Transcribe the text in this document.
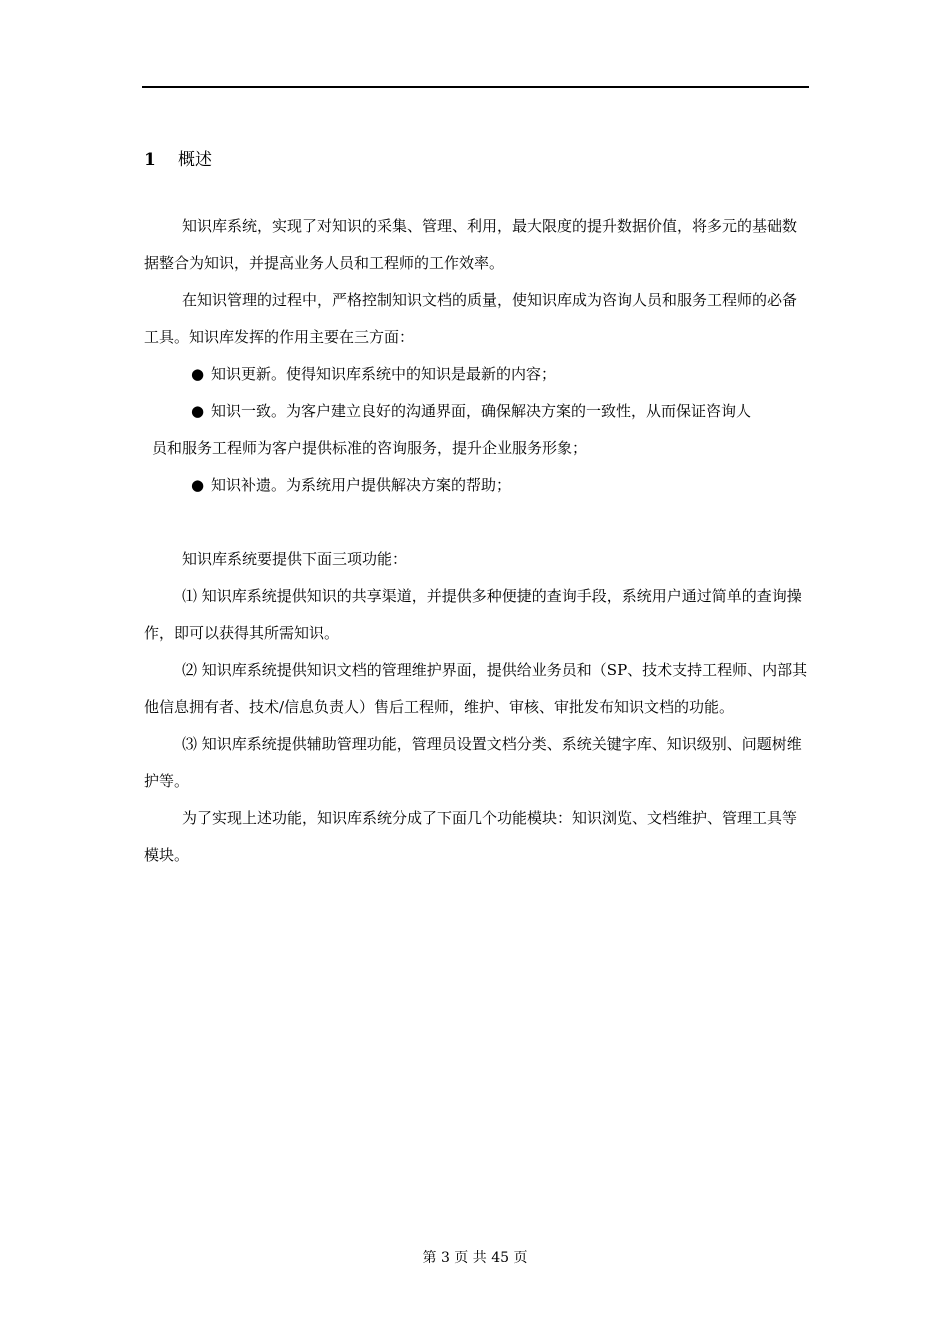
1 概述

知识库系统，实现了对知识的采集、管理、利用，最大限度的提升数据价值，将多元的基础数据整合为知识，并提高业务人员和工程师的工作效率。

在知识管理的过程中，严格控制知识文档的质量，使知识库成为咨询人员和服务工程师的必备工具。知识库发挥的作用主要在三方面：

● 知识更新。使得知识库系统中的知识是最新的内容；

● 知识一致。为客户建立良好的沟通界面，确保解决方案的一致性，从而保证咨询人
员和服务工程师为客户提供标准的咨询服务，提升企业服务形象；

● 知识补遗。为系统用户提供解决方案的帮助；

知识库系统要提供下面三项功能：

⑴ 知识库系统提供知识的共享渠道，并提供多种便捷的查询手段，系统用户通过简单的查询操作，即可以获得其所需知识。

⑵ 知识库系统提供知识文档的管理维护界面，提供给业务员和（SP、技术支持工程师、内部其他信息拥有者、技术/信息负责人）售后工程师，维护、审核、审批发布知识文档的功能。

⑶ 知识库系统提供辅助管理功能，管理员设置文档分类、系统关键字库、知识级别、问题树维护等。

为了实现上述功能，知识库系统分成了下面几个功能模块：知识浏览、文档维护、管理工具等模块。

第 3 页 共 45 页
